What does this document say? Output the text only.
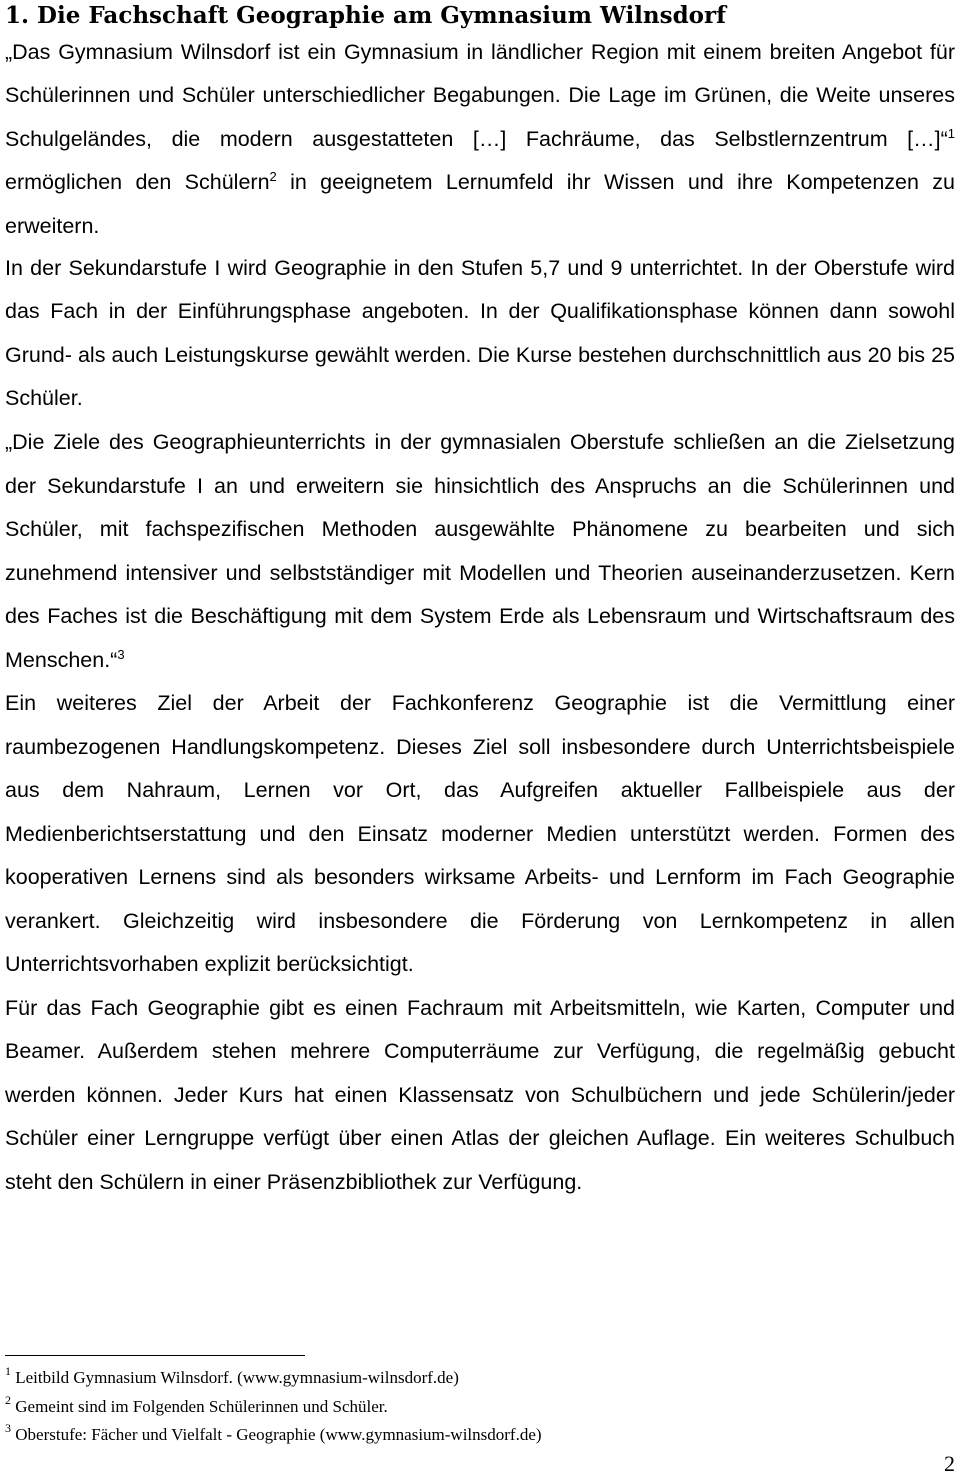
1. Die Fachschaft Geographie am Gymnasium Wilnsdorf

„Das Gymnasium Wilnsdorf ist ein Gymnasium in ländlicher Region mit einem breiten Angebot für Schülerinnen und Schüler unterschiedlicher Begabungen. Die Lage im Grünen, die Weite unseres Schulgeländes, die modern ausgestatteten […] Fachräume, das Selbstlernzentrum […]“$^1$ ermöglichen den Schülern$^2$ in geeignetem Lernumfeld ihr Wissen und ihre Kompetenzen zu erweitern.

In der Sekundarstufe I wird Geographie in den Stufen 5,7 und 9 unterrichtet. In der Oberstufe wird das Fach in der Einführungsphase angeboten. In der Qualifikationsphase können dann sowohl Grund- als auch Leistungskurse gewählt werden. Die Kurse bestehen durchschnittlich aus 20 bis 25 Schüler.

„Die Ziele des Geographieunterrichts in der gymnasialen Oberstufe schließen an die Zielsetzung der Sekundarstufe I an und erweitern sie hinsichtlich des Anspruchs an die Schülerinnen und Schüler, mit fachspezifischen Methoden ausgewählte Phänomene zu bearbeiten und sich zunehmend intensiver und selbstständiger mit Modellen und Theorien auseinanderzusetzen. Kern des Faches ist die Beschäftigung mit dem System Erde als Lebensraum und Wirtschaftsraum des Menschen.“$^3$

Ein weiteres Ziel der Arbeit der Fachkonferenz Geographie ist die Vermittlung einer raumbezogenen Handlungskompetenz. Dieses Ziel soll insbesondere durch Unterrichtsbeispiele aus dem Nahraum, Lernen vor Ort, das Aufgreifen aktueller Fallbeispiele aus der Medienberichtserstattung und den Einsatz moderner Medien unterstützt werden. Formen des kooperativen Lernens sind als besonders wirksame Arbeits- und Lernform im Fach Geographie verankert. Gleichzeitig wird insbesondere die Förderung von Lernkompetenz in allen Unterrichtsvorhaben explizit berücksichtigt.

Für das Fach Geographie gibt es einen Fachraum mit Arbeitsmitteln, wie Karten, Computer und Beamer. Außerdem stehen mehrere Computerräume zur Verfügung, die regelmäßig gebucht werden können. Jeder Kurs hat einen Klassensatz von Schulbüchern und jede Schülerin/jeder Schüler einer Lerngruppe verfügt über einen Atlas der gleichen Auflage. Ein weiteres Schulbuch steht den Schülern in einer Präsenzbibliothek zur Verfügung.

$^1$ Leitbild Gymnasium Wilnsdorf. (www.gymnasium-wilnsdorf.de)
$^2$ Gemeint sind im Folgenden Schülerinnen und Schüler.
$^3$ Oberstufe: Fächer und Vielfalt - Geographie (www.gymnasium-wilnsdorf.de)
2
